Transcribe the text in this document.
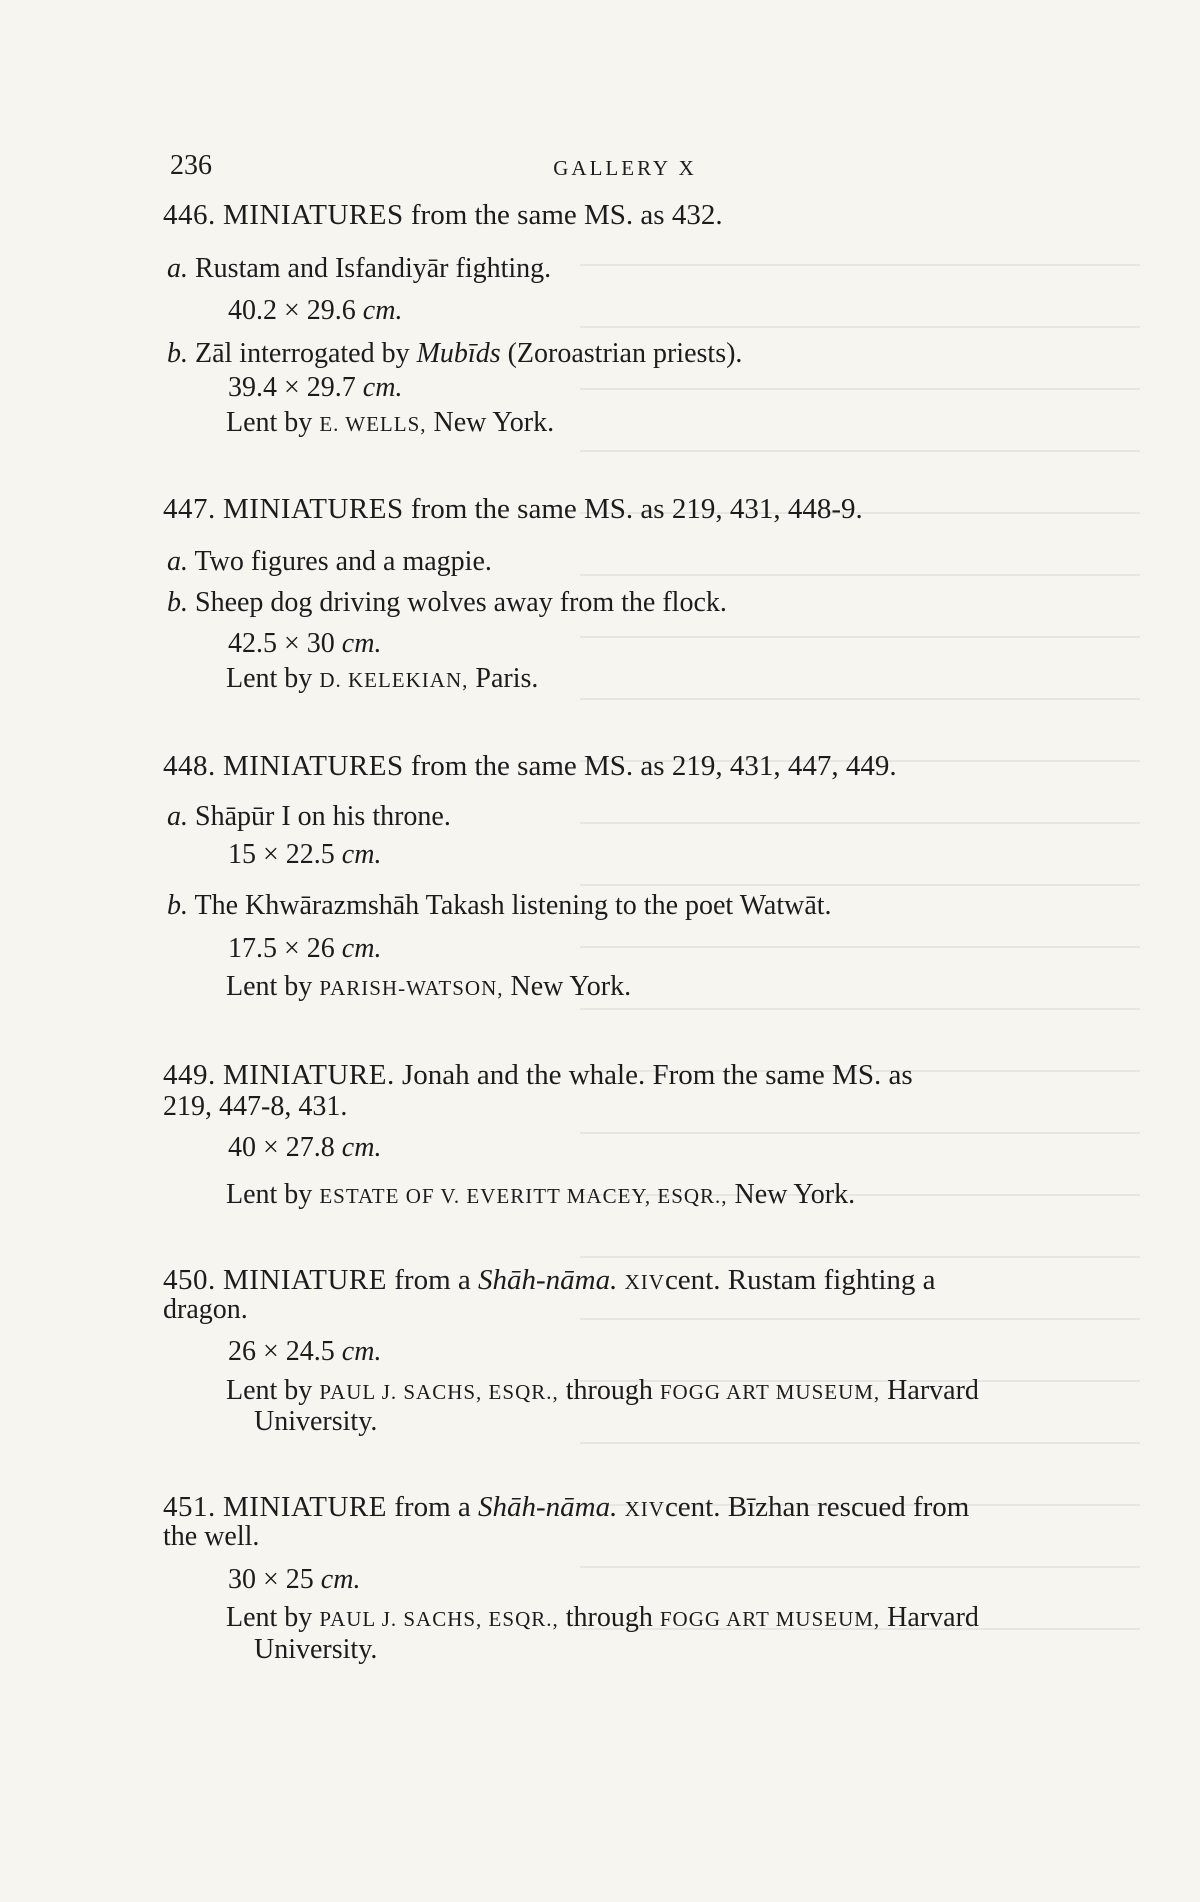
236	GALLERY X
446. MINIATURES from the same MS. as 432.
a. Rustam and Isfandiyār fighting.
40.2 × 29.6 cm.
b. Zāl interrogated by Mubīds (Zoroastrian priests).
39.4 × 29.7 cm.
Lent by E. WELLS, New York.
447. MINIATURES from the same MS. as 219, 431, 448-9.
a. Two figures and a magpie.
b. Sheep dog driving wolves away from the flock.
42.5 × 30 cm.
Lent by D. KELEKIAN, Paris.
448. MINIATURES from the same MS. as 219, 431, 447, 449.
a. Shāpūr I on his throne.
15 × 22.5 cm.
b. The Khwārazmshāh Takash listening to the poet Watwāt.
17.5 × 26 cm.
Lent by PARISH-WATSON, New York.
449. MINIATURE. Jonah and the whale. From the same MS. as
219, 447-8, 431.
40 × 27.8 cm.
Lent by ESTATE OF V. EVERITT MACEY, ESQR., New York.
450. MINIATURE from a Shāh-nāma. XIVcent. Rustam fighting a
dragon.
26 × 24.5 cm.
Lent by PAUL J. SACHS, ESQR., through FOGG ART MUSEUM, Harvard
University.
451. MINIATURE from a Shāh-nāma. XIVcent. Bīzhan rescued from
the well.
30 × 25 cm.
Lent by PAUL J. SACHS, ESQR., through FOGG ART MUSEUM, Harvard
University.
